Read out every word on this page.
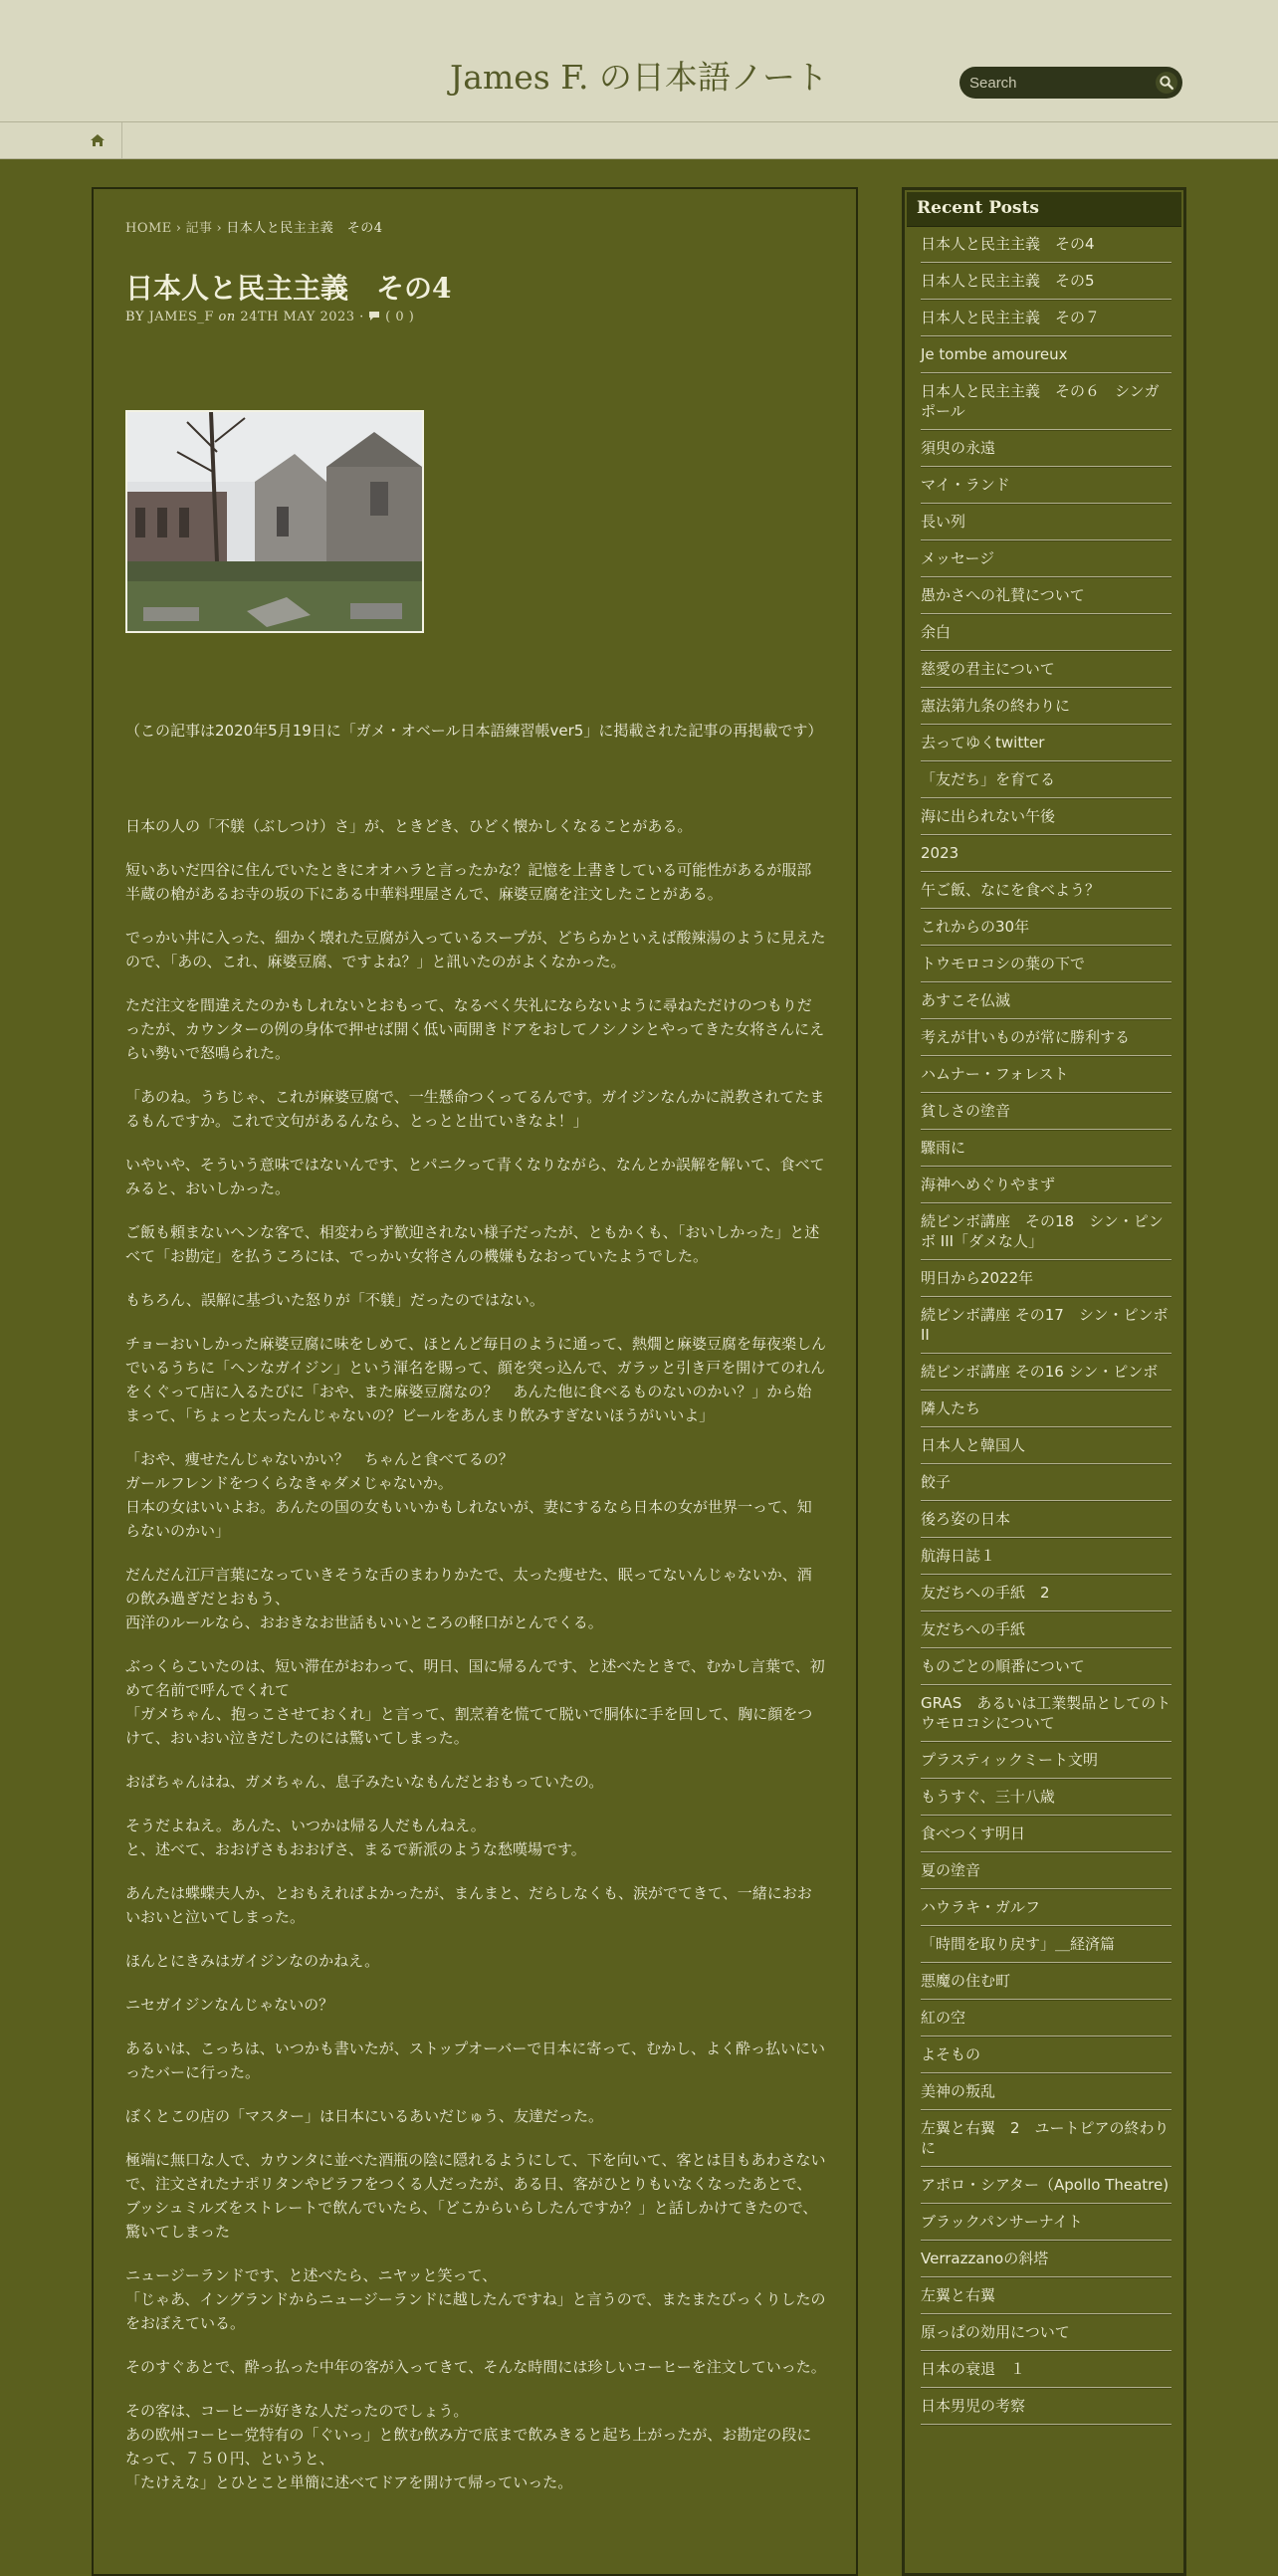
James F. の日本語ノート
Search
HOME › 記事 › 日本人と民主主義　その4
日本人と民主主義　その4
BY JAMES_F on 24TH MAY 2023 · ( 0 )

（この記事は2020年5月19日に「ガメ・オベール日本語練習帳ver5」に掲載された記事の再掲載です）

日本の人の「不躾（ぶしつけ）さ」が、ときどき、ひどく懐かしくなることがある。

短いあいだ四谷に住んでいたときにオオハラと言ったかな？記憶を上書きしている可能性があるが服部半蔵の槍があるお寺の坂の下にある中華料理屋さんで、麻婆豆腐を注文したことがある。

でっかい丼に入った、細かく壊れた豆腐が入っているスープが、どちらかといえば酸辣湯のように見えたので、「あの、これ、麻婆豆腐、ですよね？」と訊いたのがよくなかった。

ただ注文を間違えたのかもしれないとおもって、なるべく失礼にならないように尋ねただけのつもりだったが、カウンターの例の身体で押せば開く低い両開きドアをおしてノシノシとやってきた女将さんにえらい勢いで怒鳴られた。

「あのね。うちじゃ、これが麻婆豆腐で、一生懸命つくってるんです。ガイジンなんかに説教されてたまるもんですか。これで文句があるんなら、とっとと出ていきなよ！」

いやいや、そういう意味ではないんです、とパニクって青くなりながら、なんとか誤解を解いて、食べてみると、おいしかった。

ご飯も頼まないヘンな客で、相変わらず歓迎されない様子だったが、ともかくも、「おいしかった」と述べて「お勘定」を払うころには、でっかい女将さんの機嫌もなおっていたようでした。

もちろん、誤解に基づいた怒りが「不躾」だったのではない。

チョーおいしかった麻婆豆腐に味をしめて、ほとんど毎日のように通って、熱燗と麻婆豆腐を毎夜楽しんでいるうちに「ヘンなガイジン」という渾名を賜って、顔を突っ込んで、ガラッと引き戸を開けてのれんをくぐって店に入るたびに「おや、また麻婆豆腐なの？　あんた他に食べるものないのかい？」から始まって、「ちょっと太ったんじゃないの？ビールをあんまり飲みすぎないほうがいいよ」

「おや、痩せたんじゃないかい？　ちゃんと食べてるの？
ガールフレンドをつくらなきゃダメじゃないか。
日本の女はいいよお。あんたの国の女もいいかもしれないが、妻にするなら日本の女が世界一って、知らないのかい」

だんだん江戸言葉になっていきそうな舌のまわりかたで、太った痩せた、眠ってないんじゃないか、酒の飲み過ぎだとおもう、
西洋のルールなら、おおきなお世話もいいところの軽口がとんでくる。

ぶっくらこいたのは、短い滞在がおわって、明日、国に帰るんです、と述べたときで、むかし言葉で、初めて名前で呼んでくれて
「ガメちゃん、抱っこさせておくれ」と言って、割烹着を慌てて脱いで胴体に手を回して、胸に顔をつけて、おいおい泣きだしたのには驚いてしまった。

おばちゃんはね、ガメちゃん、息子みたいなもんだとおもっていたの。

そうだよねえ。あんた、いつかは帰る人だもんねえ。
と、述べて、おおげさもおおげさ、まるで新派のような愁嘆場です。

あんたは蝶蝶夫人か、とおもえればよかったが、まんまと、だらしなくも、涙がでてきて、一緒におおいおいと泣いてしまった。

ほんとにきみはガイジンなのかねえ。

ニセガイジンなんじゃないの？

あるいは、こっちは、いつかも書いたが、ストップオーバーで日本に寄って、むかし、よく酔っ払いにいったバーに行った。

ぼくとこの店の「マスター」は日本にいるあいだじゅう、友達だった。

極端に無口な人で、カウンタに並べた酒瓶の陰に隠れるようにして、下を向いて、客とは目もあわさないで、注文されたナポリタンやピラフをつくる人だったが、ある日、客がひとりもいなくなったあとで、ブッシュミルズをストレートで飲んでいたら、「どこからいらしたんですか？」と話しかけてきたので、驚いてしまった

ニュージーランドです、と述べたら、ニヤッと笑って、
「じゃあ、イングランドからニュージーランドに越したんですね」と言うので、またまたびっくりしたのをおぼえている。

そのすぐあとで、酔っ払った中年の客が入ってきて、そんな時間には珍しいコーヒーを注文していった。

その客は、コーヒーが好きな人だったのでしょう。
あの欧州コーヒー党特有の「ぐいっ」と飲む飲み方で底まで飲みきると起ち上がったが、お勘定の段になって、７５０円、というと、
「たけえな」とひとこと単簡に述べてドアを開けて帰っていった。

Recent Posts
日本人と民主主義　その4
日本人と民主主義　その5
日本人と民主主義　その７
Je tombe amoureux
日本人と民主主義　その６　シンガポール
須臾の永遠
マイ・ランド
長い列
メッセージ
愚かさへの礼賛について
余白
慈愛の君主について
憲法第九条の終わりに
去ってゆくtwitter
「友だち」を育てる
海に出られない午後
2023
午ご飯、なにを食べよう？
これからの30年
トウモロコシの葉の下で
あすこそ仏滅
考えが甘いものが常に勝利する
ハムナー・フォレスト
貧しさの塗音
驟雨に
海神へめぐりやまず
続ピンボ講座　その18　シン・ピンボ III「ダメな人」
明日から2022年
続ピンボ講座 その17　シン・ピンボ II
続ピンボ講座 その16 シン・ピンボ
隣人たち
日本人と韓国人
餃子
後ろ姿の日本
航海日誌１
友だちへの手紙　2
友だちへの手紙
ものごとの順番について
GRAS　あるいは工業製品としてのトウモロコシについて
プラスティックミート文明
もうすぐ、三十八歳
食べつくす明日
夏の塗音
ハウラキ・ガルフ
「時間を取り戻す」＿経済篇
悪魔の住む町
紅の空
よそもの
美神の叛乱
左翼と右翼　2　ユートピアの終わりに
アポロ・シアター（Apollo Theatre)
ブラックパンサーナイト
Verrazzanoの斜塔
左翼と右翼
原っぱの効用について
日本の衰退　１
日本男児の考察
